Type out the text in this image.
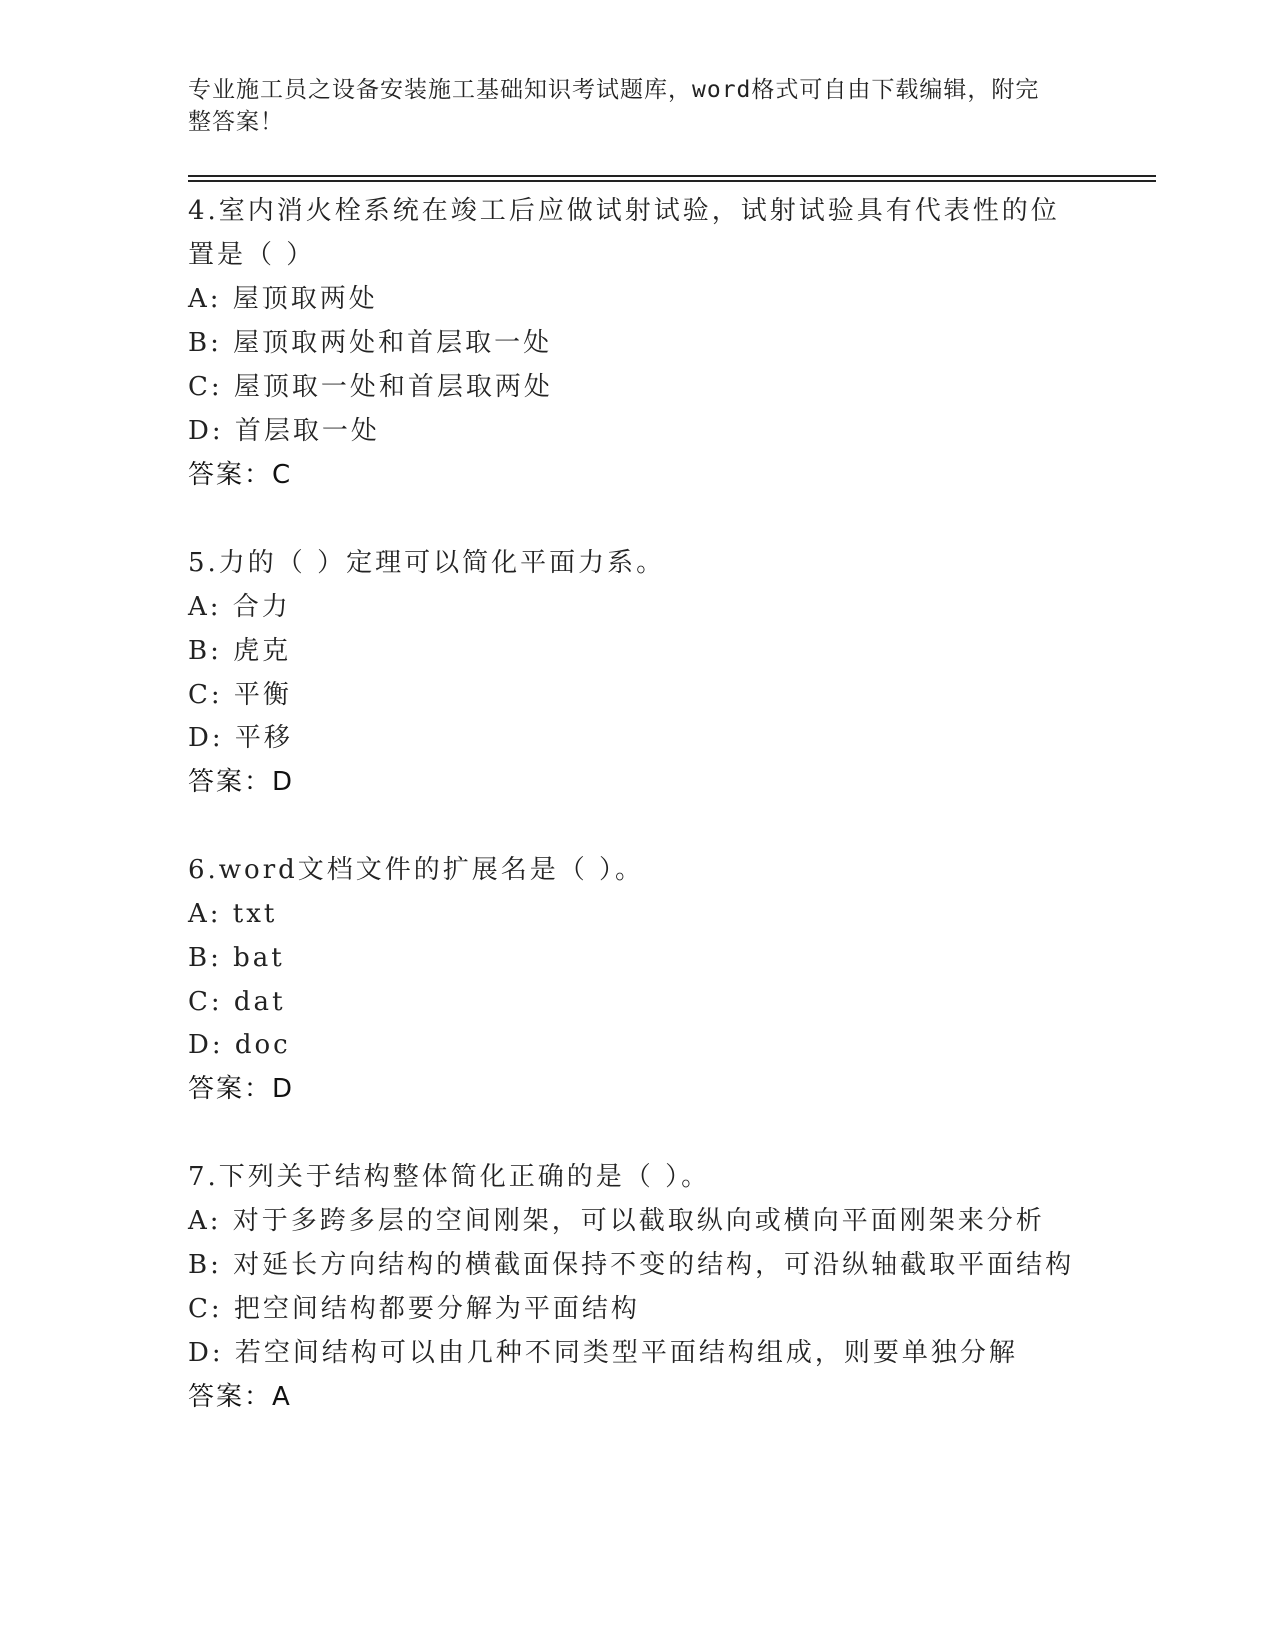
专业施工员之设备安装施工基础知识考试题库，word格式可自由下载编辑，附完
整答案！
4.室内消火栓系统在竣工后应做试射试验，试射试验具有代表性的位
置是（ ）
A: 屋顶取两处
B: 屋顶取两处和首层取一处
C: 屋顶取一处和首层取两处
D: 首层取一处
答案：C
5.力的（ ）定理可以简化平面力系。
A: 合力
B: 虎克
C: 平衡
D: 平移
答案：D
6.word文档文件的扩展名是（ ）。
A: txt
B: bat
C: dat
D: doc
答案：D
7.下列关于结构整体简化正确的是（ ）。
A: 对于多跨多层的空间刚架，可以截取纵向或横向平面刚架来分析
B: 对延长方向结构的横截面保持不变的结构，可沿纵轴截取平面结构
C: 把空间结构都要分解为平面结构
D: 若空间结构可以由几种不同类型平面结构组成，则要单独分解
答案：A
